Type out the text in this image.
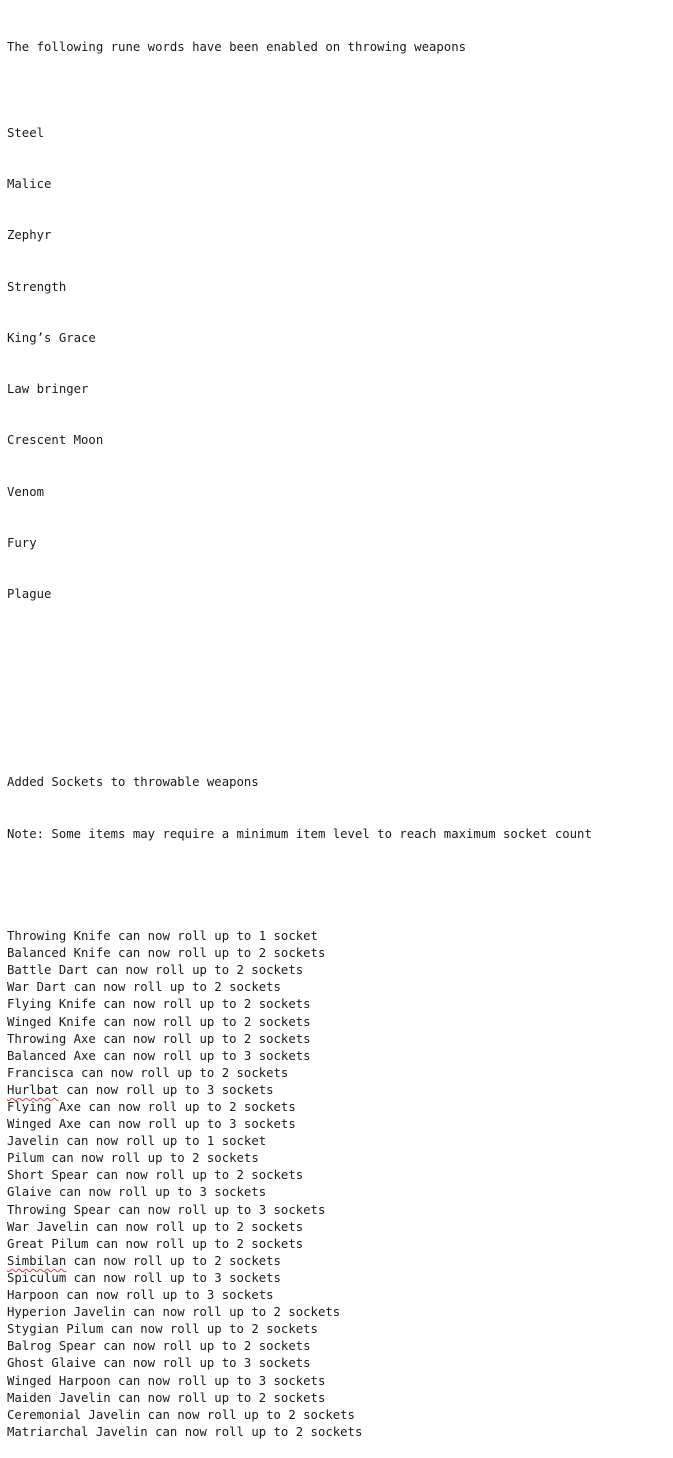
The following rune words have been enabled on throwing weapons

Steel

Malice

Zephyr

Strength

King’s Grace

Law bringer

Crescent Moon

Venom

Fury

Plague

Added Sockets to throwable weapons

Note: Some items may require a minimum item level to reach maximum socket count

Throwing Knife can now roll up to 1 socket
Balanced Knife can now roll up to 2 sockets
Battle Dart can now roll up to 2 sockets
War Dart can now roll up to 2 sockets
Flying Knife can now roll up to 2 sockets
Winged Knife can now roll up to 2 sockets
Throwing Axe can now roll up to 2 sockets
Balanced Axe can now roll up to 3 sockets
Francisca can now roll up to 2 sockets
Hurlbat can now roll up to 3 sockets
Flying Axe can now roll up to 2 sockets
Winged Axe can now roll up to 3 sockets
Javelin can now roll up to 1 socket
Pilum can now roll up to 2 sockets
Short Spear can now roll up to 2 sockets
Glaive can now roll up to 3 sockets
Throwing Spear can now roll up to 3 sockets
War Javelin can now roll up to 2 sockets
Great Pilum can now roll up to 2 sockets
Simbilan can now roll up to 2 sockets
Spiculum can now roll up to 3 sockets
Harpoon can now roll up to 3 sockets
Hyperion Javelin can now roll up to 2 sockets
Stygian Pilum can now roll up to 2 sockets
Balrog Spear can now roll up to 2 sockets
Ghost Glaive can now roll up to 3 sockets
Winged Harpoon can now roll up to 3 sockets
Maiden Javelin can now roll up to 2 sockets
Ceremonial Javelin can now roll up to 2 sockets
Matriarchal Javelin can now roll up to 2 sockets
